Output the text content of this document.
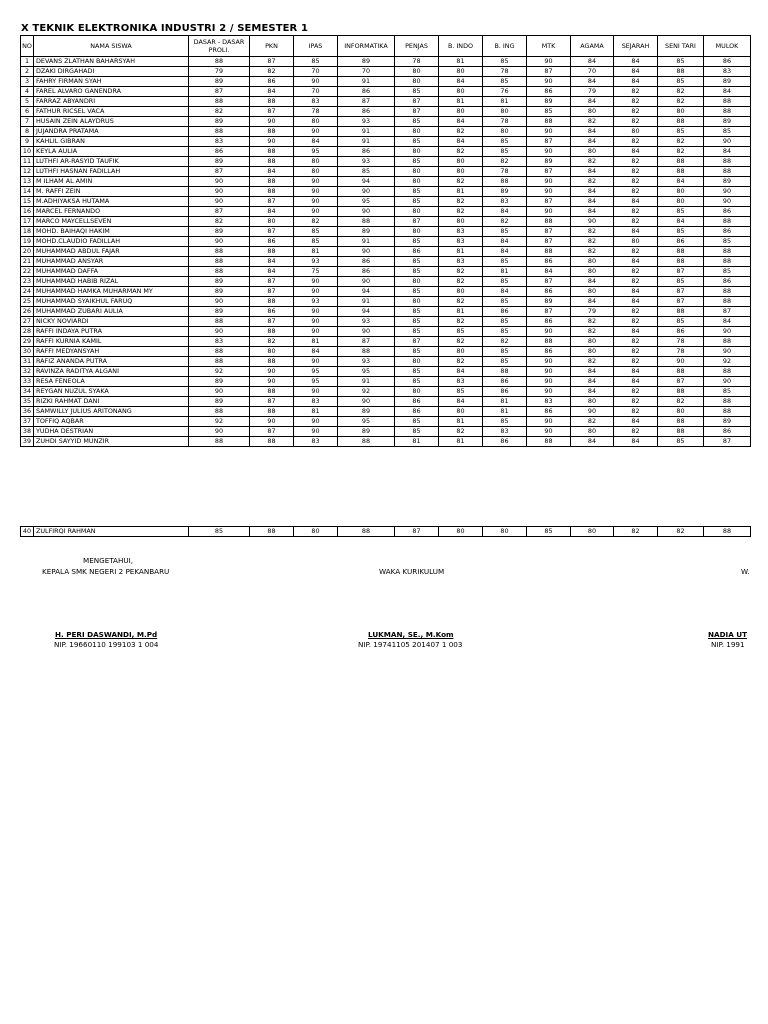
X TEKNIK ELEKTRONIKA INDUSTRI 2 / SEMESTER 1
NO	NAMA SISWA	DASAR - DASAR PROLI.	PKN	IPAS	INFORMATIKA	PENJAS	B. INDO	B. ING	MTK	AGAMA	SEJARAH	SENI TARI	MULOK
1	DEVANS ZLATHAN BAHARSYAH	88	87	85	89	78	81	85	90	84	84	85	86
2	DZAKI DIRGAHADI	79	82	70	70	80	80	78	87	70	84	88	83
3	FAHRY FIRMAN SYAH	89	86	90	91	80	84	85	90	84	84	85	89
4	FAREL ALVARO GANENDRA	87	84	70	86	85	80	76	86	79	82	82	84
5	FARRAZ ABYANDRI	88	88	83	87	87	81	81	89	84	82	82	88
6	FATHUR RICSEL VACA	82	87	78	86	87	80	80	85	80	82	80	88
7	HUSAIN ZEIN ALAYDRUS	89	90	80	93	85	84	78	88	82	82	88	89
8	JUJANDRA PRATAMA	88	88	90	91	80	82	80	90	84	80	85	85
9	KAHLIL GIBRAN	83	90	84	91	85	84	85	87	84	82	82	90
10	KEYLA AULIA	86	88	95	86	80	82	85	90	80	84	82	84
11	LUTHFI AR-RASYID TAUFIK	89	88	80	93	85	80	82	89	82	82	88	88
12	LUTHFI HASNAN FADILLAH	87	84	80	85	80	80	78	87	84	82	88	88
13	M ILHAM AL AMIN	90	88	90	94	80	82	88	90	82	82	84	89
14	M. RAFFI ZEIN	90	88	90	90	85	81	89	90	84	82	80	90
15	M.ADHIYAKSA HUTAMA	90	87	90	95	85	82	83	87	84	84	80	90
16	MARCEL FERNANDO	87	84	90	90	80	82	84	90	84	82	85	86
17	MARCO MAYCELLSEVEN	82	80	82	88	87	80	82	88	90	82	84	88
18	MOHD. BAIHAQI HAKIM	89	87	85	89	80	83	85	87	82	84	85	86
19	MOHD.CLAUDIO FADILLAH	90	86	85	91	85	83	84	87	82	80	86	85
20	MUHAMMAD ABDUL FAJAR	88	88	81	90	86	81	84	88	82	82	88	88
21	MUHAMMAD ANSYAR	88	84	93	86	85	83	85	86	80	84	88	88
22	MUHAMMAD DAFFA	88	84	75	86	85	82	81	84	80	82	87	85
23	MUHAMMAD HABIB RIZAL	89	87	90	90	80	82	85	87	84	82	85	86
24	MUHAMMAD HAMKA MUHARMAN MY	89	87	90	94	85	80	84	86	80	84	87	88
25	MUHAMMAD SYAIKHUL FARUQ	90	88	93	91	80	82	85	89	84	84	87	88
26	MUHAMMAD ZUBARI AULIA	89	86	90	94	85	81	86	87	79	82	88	87
27	NICKY NOVIARDI	88	87	90	93	85	82	85	86	82	82	85	84
28	RAFFI INDAYA PUTRA	90	88	90	90	85	85	85	90	82	84	86	90
29	RAFFI KURNIA KAMIL	83	82	81	87	87	82	82	88	80	82	78	88
30	RAFFI MEDYANSYAH	88	80	84	88	85	80	85	86	80	82	78	90
31	RAFIZ ANANDA PUTRA	88	88	90	93	80	82	85	90	82	82	90	92
32	RAVINZA RADITYA ALGANI	92	90	95	95	85	84	88	90	84	84	88	88
33	RESA FENEOLA	89	90	95	91	85	83	86	90	84	84	87	90
34	REYGAN NUZUL SYAKA	90	88	90	92	80	85	86	90	84	82	88	85
35	RIZKI RAHMAT DANI	89	87	83	90	86	84	81	83	80	82	82	88
36	SAMWILLY JULIUS ARITONANG	88	88	81	89	86	80	81	86	90	82	80	88
37	TOFFIQ AQBAR	92	90	90	95	85	81	85	90	82	84	88	89
38	YUDHA DESTRIAN	90	87	90	89	85	82	83	90	80	82	88	86
39	ZUHDI SAYYID MUNZIR	88	88	83	88	81	81	86	88	84	84	85	87
40	ZULFIRQI RAHMAN	85	88	80	88	87	80	80	85	80	82	82	88
MENGETAHUI,
KEPALA SMK NEGERI 2 PEKANBARU
H. PERI DASWANDI, M.Pd
NIP. 19660110 199103 1 004
WAKA KURIKULUM
LUKMAN, SE., M.Kom
NIP. 19741105 201407 1 003
W.
NADIA UT
NIP. 1991
